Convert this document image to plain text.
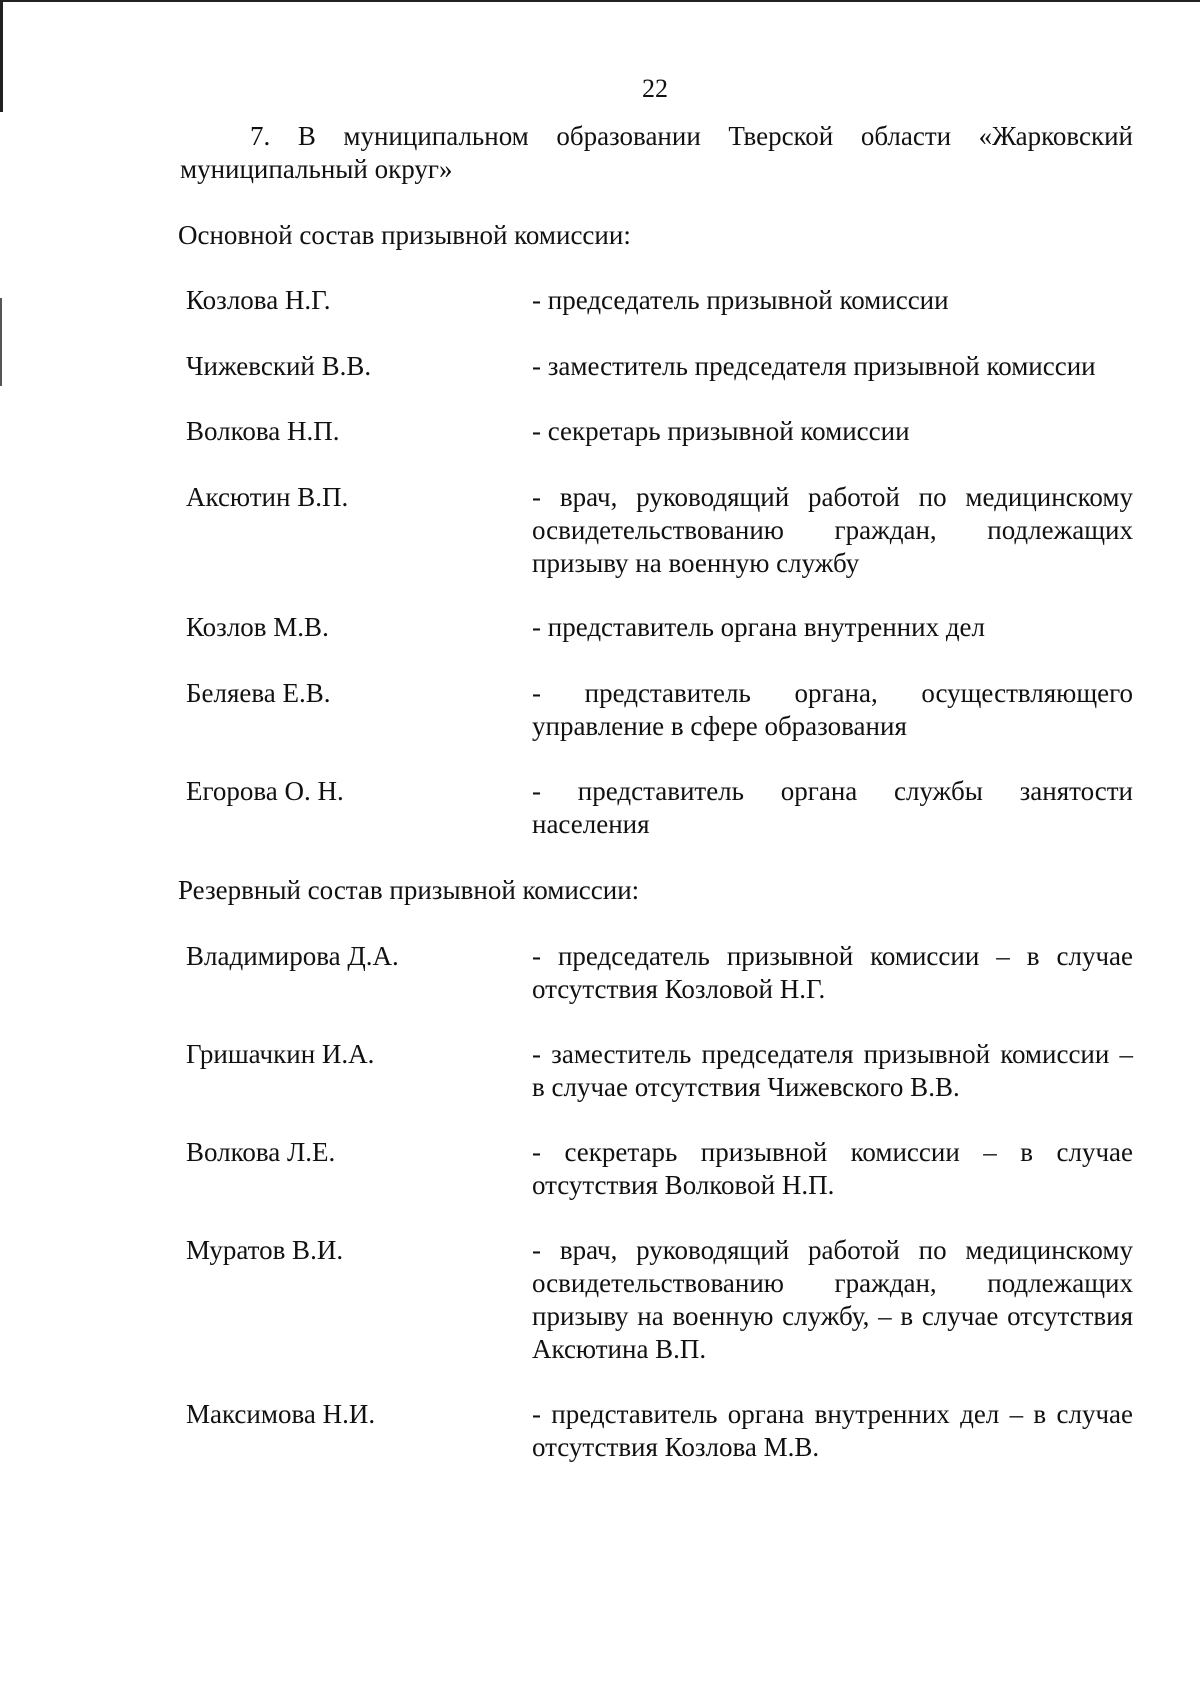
22

7. В муниципальном образовании Тверской области «Жарковский
муниципальный округ»

Основной состав призывной комиссии:

Козлова Н.Г.	- председатель призывной комиссии
Чижевский В.В.	- заместитель председателя призывной комиссии
Волкова Н.П.	- секретарь призывной комиссии
Аксютин В.П.	- врач, руководящий работой по медицинскому освидетельствованию граждан, подлежащих призыву на военную службу
Козлов М.В.	- представитель органа внутренних дел
Беляева Е.В.	- представитель органа, осуществляющего управление в сфере образования
Егорова О. Н.	- представитель органа службы занятости населения

Резервный состав призывной комиссии:

Владимирова Д.А.	- председатель призывной комиссии – в случае отсутствия Козловой Н.Г.
Гришачкин И.А.	- заместитель председателя призывной комиссии – в случае отсутствия Чижевского В.В.
Волкова Л.Е.	- секретарь призывной комиссии – в случае отсутствия Волковой Н.П.
Муратов В.И.	- врач, руководящий работой по медицинскому освидетельствованию граждан, подлежащих призыву на военную службу, – в случае отсутствия Аксютина В.П.
Максимова Н.И.	- представитель органа внутренних дел – в случае отсутствия Козлова М.В.
